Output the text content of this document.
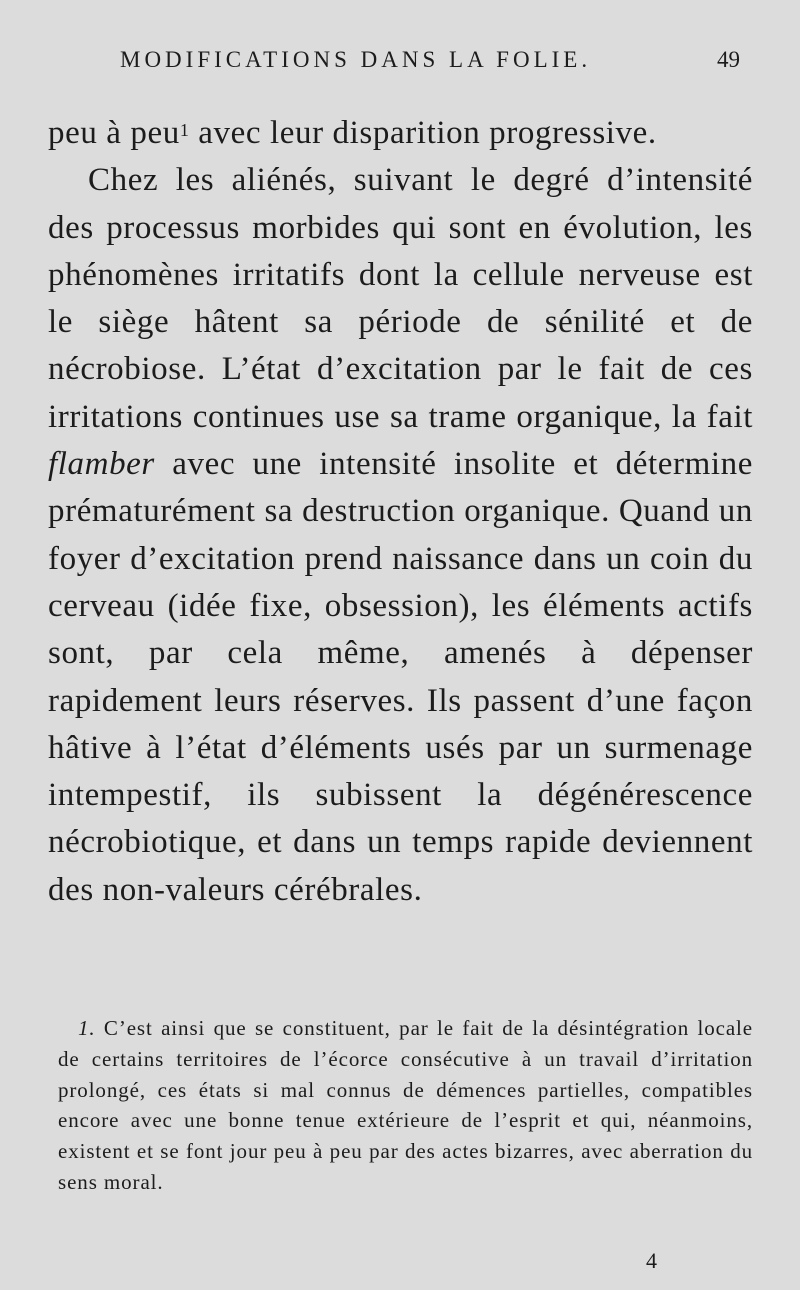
MODIFICATIONS DANS LA FOLIE.	49

peu à peu$^1$ avec leur disparition progressive.

Chez les aliénés, suivant le degré d’intensité des processus morbides qui sont en évolution, les phénomènes irritatifs dont la cellule nerveuse est le siège hâtent sa période de sénilité et de nécrobiose. L’état d’excitation par le fait de ces irritations continues use sa trame organique, la fait flamber avec une intensité insolite et détermine prématurément sa destruction organique. Quand un foyer d’excitation prend naissance dans un coin du cerveau (idée fixe, obsession), les éléments actifs sont, par cela même, amenés à dépenser rapidement leurs réserves. Ils passent d’une façon hâtive à l’état d’éléments usés par un surmenage intempestif, ils subissent la dégénérescence nécrobiotique, et dans un temps rapide deviennent des non-valeurs cérébrales.

1. C’est ainsi que se constituent, par le fait de la désintégration locale de certains territoires de l’écorce consécutive à un travail d’irritation prolongé, ces états si mal connus de démences partielles, compatibles encore avec une bonne tenue extérieure de l’esprit et qui, néanmoins, existent et se font jour peu à peu par des actes bizarres, avec aberration du sens moral.

4
